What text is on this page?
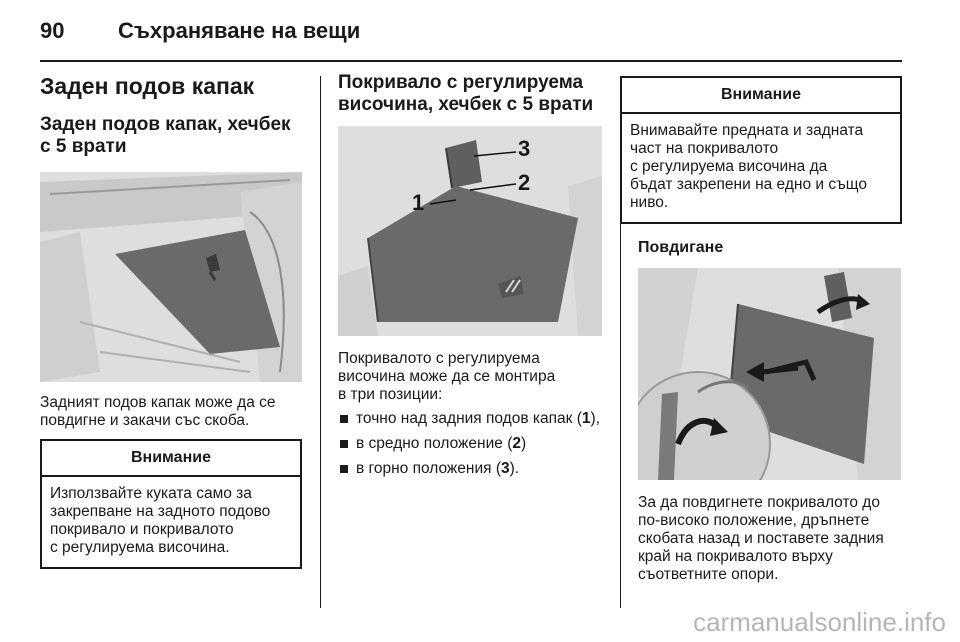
90	Съхраняване на вещи
Заден подов капак
Заден подов капак, хечбек
с 5 врати
Задният подов капак може да се
повдигне и закачи със скоба.
Внимание
Използвайте куката само за
закрепване на задното подово
покривало и покривалото
с регулируема височина.
Покривало с регулируема
височина, хечбек с 5 врати
1
2
3
Покривалото с регулируема
височина може да се монтира
в три позиции:
точно над задния подов капак (1),
в средно положение (2)
в горно положения (3).
Внимание
Внимавайте предната и задната
част на покривалото
с регулируема височина да
бъдат закрепени на едно и също
ниво.
Повдигане
За да повдигнете покривалото до
по-високо положение, дръпнете
скобата назад и поставете задния
край на покривалото върху
съответните опори.
carmanualsonline.info
